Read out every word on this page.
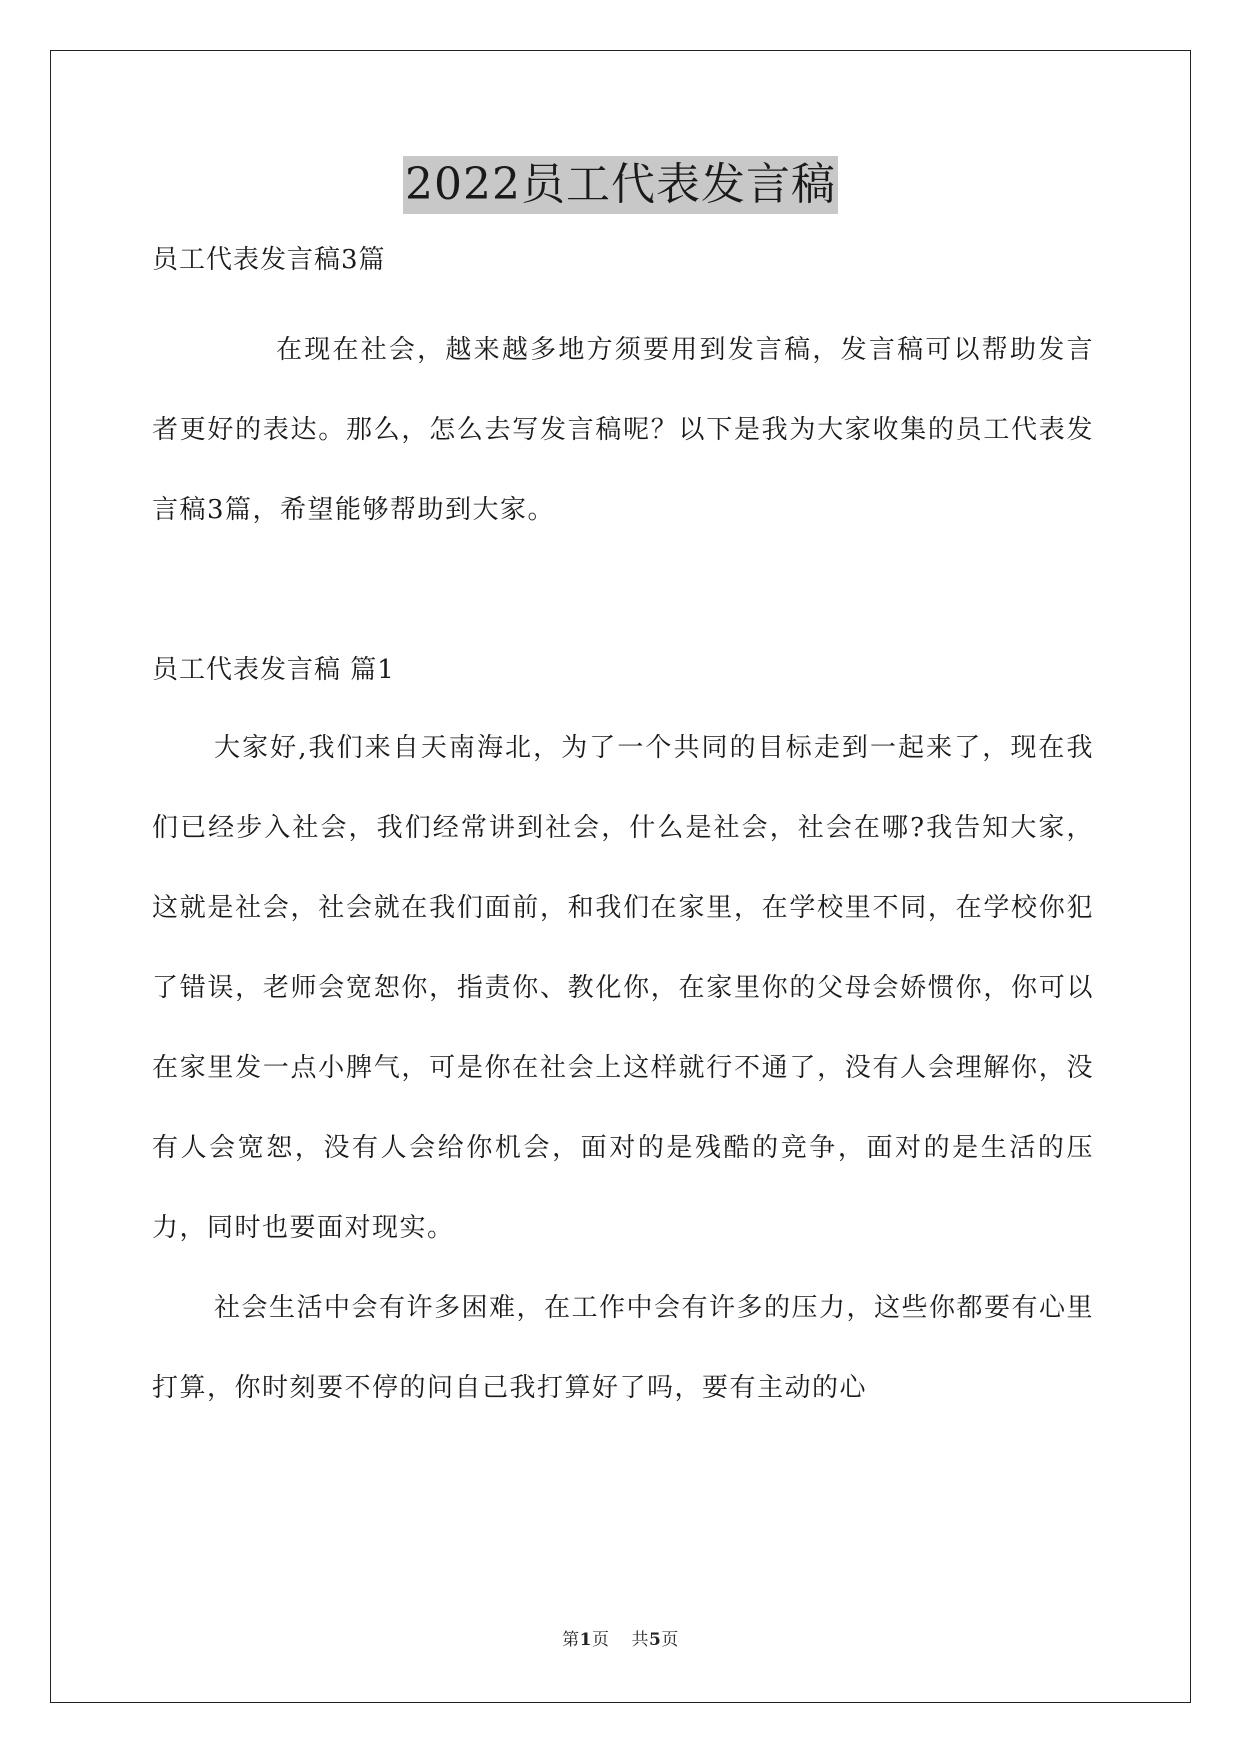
2022员工代表发言稿

员工代表发言稿3篇

在现在社会，越来越多地方须要用到发言稿，发言稿可以帮助发言者更好的表达。那么，怎么去写发言稿呢？以下是我为大家收集的员工代表发言稿3篇，希望能够帮助到大家。

员工代表发言稿 篇1

大家好,我们来自天南海北，为了一个共同的目标走到一起来了，现在我们已经步入社会，我们经常讲到社会，什么是社会，社会在哪?我告知大家，这就是社会，社会就在我们面前，和我们在家里，在学校里不同，在学校你犯了错误，老师会宽恕你，指责你、教化你，在家里你的父母会娇惯你，你可以在家里发一点小脾气，可是你在社会上这样就行不通了，没有人会理解你，没有人会宽恕，没有人会给你机会，面对的是残酷的竞争，面对的是生活的压力，同时也要面对现实。

社会生活中会有许多困难，在工作中会有许多的压力，这些你都要有心里打算，你时刻要不停的问自己我打算好了吗，要有主动的心

第1页 共5页
